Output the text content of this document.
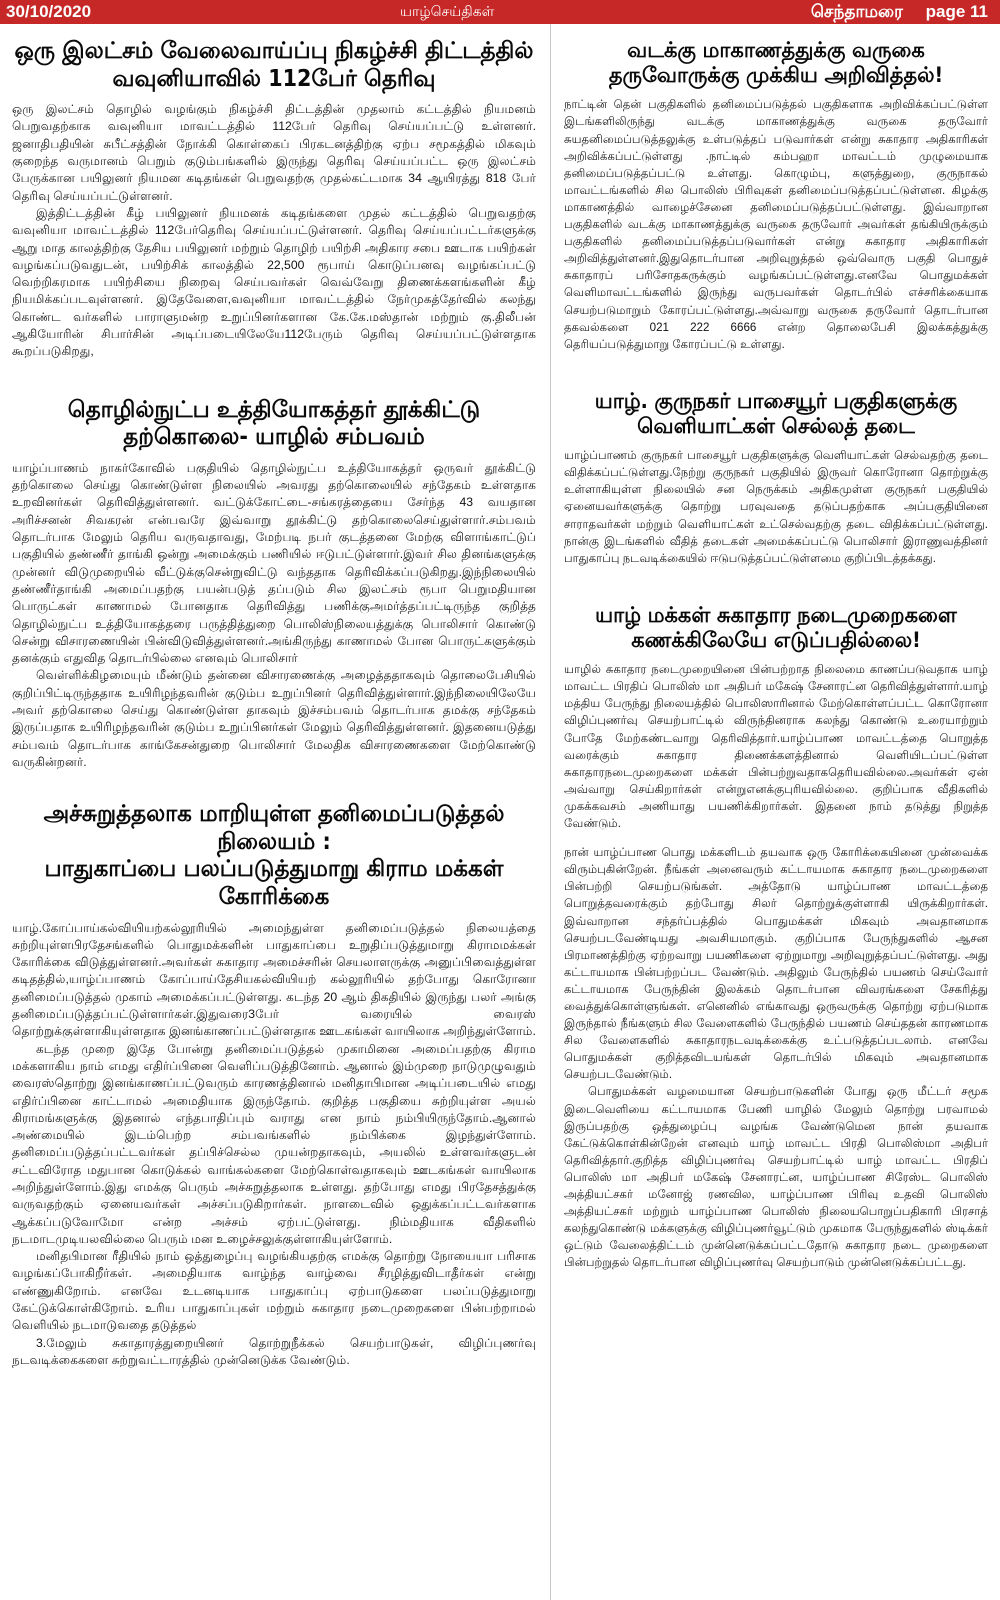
30/10/2020	யாழ்செய்திகள்	செந்தாமரை page 11
ஒரு இலட்சம் வேலைவாய்ப்பு நிகழ்ச்சி திட்டத்தில்
வவுனியாவில் 112பேர் தெரிவு

ஒரு இலட்சம் தொழில் வழங்கும் நிகழ்ச்சி திட்டத்தின் முதலாம் கட்டத்தில் நியமனம் பெறுவதற்காக வவுனியா மாவட்டத்தில் 112பேர் தெரிவு செய்யப்பட்டு உள்ளனர். ஜனாதிபதியின் சுபீட்சத்தின் நோக்கி கொள்கைப் பிரகடனத்திற்கு ஏற்ப சமூகத்தில் மிகவும் குறைந்த வருமானம் பெறும் குடும்பங்களில் இருந்து தெரிவு செய்யப்பட்ட ஒரு இலட்சம் பேருக்கான பயிலுனர் நியமன கடிதங்கள் பெறுவதற்கு முதல்கட்டமாக 34 ஆயிரத்து 818 பேர் தெரிவு செய்யப்பட்டுள்ளனர்.

இத்திட்டத்தின் கீழ் பயிலுனர் நியமனக் கடிதங்களை முதல் கட்டத்தில் பெறுவதற்கு வவுனியா மாவட்டத்தில் 112பேர்தெரிவு செய்யப்பட்டுள்ளனர். தெரிவு செய்யப்பட்டர்களுக்கு ஆறு மாத காலத்திற்கு தேசிய பயிலுனர் மற்றும் தொழிற் பயிற்சி அதிகார சபை ஊடாக பயிற்கள் வழங்கப்படுவதுடன், பயிற்சிக் காலத்தில் 22,500 ரூபாய் கொடுப்பனவு வழங்கப்பட்டு வெற்றிகரமாக பயிற்சியை நிறைவு செய்பவர்கள் வெவ்வேறு திணைக்களங்களின் கீழ் நியமிக்கப்படவுள்ளனர். இதேவேளை,வவுனியா மாவட்டத்தில் நேர்முகத்தேர்வில் கலந்து கொண்ட வர்களில் பாராளுமன்ற உறுப்பினர்களான கே.கே.மஸ்தான் மற்றும் கு.திலீபன் ஆகியோரின் சிபார்சின் அடிப்படையிலேயே112பேரும் தெரிவு செய்யப்பட்டுள்ளதாக கூறப்படுகிறது,

தொழில்நுட்ப உத்தியோகத்தர் தூக்கிட்டு
தற்கொலை- யாழில் சம்பவம்

யாழ்ப்பாணம் நாகர்கோவில் பகுதியில் தொழில்நுட்ப உத்தியோகத்தர் ஒருவர் தூக்கிட்டு தற்கொலை செய்து கொண்டுள்ள நிலையில் அவரது தற்கொலையில் சந்தேகம் உள்ளதாக உறவினர்கள் தெரிவித்துள்ளனர். வட்டுக்கோட்டை-சங்கரத்தையை சேர்ந்த 43 வயதான அரிச்சனன் சிவகரன் என்பவரே இவ்வாறு தூக்கிட்டு தற்கொலைசெய்துள்ளார்.சம்பவம் தொடர்பாக மேலும் தெரிய வருவதாவது, மேற்படி நபர் குடத்தனை மேற்கு விளாங்காட்டுப் பகுதியில் தண்ணீர் தாங்கி ஒன்று அமைக்கும் பணியில் ஈடுபட்டுள்ளார்.இவர் சில தினங்களுக்கு முன்னர் விடுமுறையில் வீட்டுக்குசென்றுவிட்டு வந்ததாக தெரிவிக்கப்படுகிறது.இந்நிலையில் தண்ணீர்தாங்கி அமைப்பதற்கு பயன்படுத் தப்படும் சில இலட்சம் ரூபா பெறுமதியான பொருட்கள் காணாமல் போனதாக தெரிவித்து பணிக்குஅமர்த்தப்பட்டிருந்த குறித்த தொழில்நுட்ப உத்தியோகத்தரை பருத்தித்துறை பொலிஸ்நிலையத்துக்கு பொலிசார் கொண்டு சென்று விசாரணையின் பின்விடுவித்துள்ளனர்.அங்கிருந்து காணாமல் போன பொருட்களுக்கும் தனக்கும் எதுவித தொடர்பில்லை எனவும் பொலிசார்

வெள்ளிக்கிழமையும் மீண்டும் தன்னை விசாரணைக்கு அழைத்ததாகவும் தொலைபேசியில் குறிப்பிட்டிருந்ததாக உயிரிழந்தவரின் குடும்ப உறுப்பினர் தெரிவித்துள்ளார்.இந்நிலையிலேயே அவர் தற்கொலை செய்து கொண்டுள்ள தாகவும் இச்சம்பவம் தொடர்பாக தமக்கு சந்தேகம் இருப்பதாக உயிரிழந்தவரின் குடும்ப உறுப்பினர்கள் மேலும் தெரிவித்துள்ளனர். இதனையடுத்து சம்பவம் தொடர்பாக காங்கேசன்துறை பொலிசார் மேலதிக விசாரணைகளை மேற்கொண்டு வருகின்றனர்.

அச்சுறுத்தலாக மாறியுள்ள தனிமைப்படுத்தல் நிலையம் :
பாதுகாப்பை பலப்படுத்துமாறு கிராம மக்கள் கோரிக்கை

யாழ்.கோப்பாய்கல்வியியற்கல்லூரியில் அமைந்துள்ள தனிமைப்படுத்தல் நிலையத்தை சுற்றியுள்ளபிரதேசங்களில் பொதுமக்களின் பாதுகாப்பை உறுதிப்படுத்துமாறு கிராமமக்கள் கோரிக்கை விடுத்துள்ளனர்.அவர்கள் சுகாதார அமைச்சரின் செயலாளருக்கு அனுப்பிவைத்துள்ள கடிதத்தில்,யாழ்ப்பாணம் கோப்பாய்தேசியகல்வியியற் கல்லூரியில் தற்போது கொரோனா தனிமைப்படுத்தல் முகாம் அமைக்கப்பட்டுள்ளது. கடந்த 20 ஆம் திகதியில் இருந்து பலர் அங்கு தனிமைப்படுத்தப்பட்டுள்ளார்கள்.இதுவரை3பேர் வரையில் வைரஸ் தொற்றுக்குள்ளாகியுள்ளதாக இனங்காணப்பட்டுள்ளதாக ஊடகங்கள் வாயிலாக அறிந்துள்ளோம்.

கடந்த முறை இதே போன்று தனிமைப்படுத்தல் முகாமினை அமைப்பதற்கு கிராம மக்களாகிய நாம் எமது எதிர்ப்பினை வெளிப்படுத்தினோம். ஆனால் இம்முறை நாடுமுழுவதும் வைரஸ்தொற்று இனங்காணப்பட்டுவரும் காரணத்தினால் மனிதாபிமான அடிப்படையில் எமது எதிர்ப்பினை காட்டாமல் அமைதியாக இருந்தோம். குறித்த பகுதியை சுற்றியுள்ள அயல் கிராமங்களுக்கு இதனால் எந்தபாதிப்பும் வராது என நாம் நம்பியிருந்தோம்.ஆனால் அண்மையில் இடம்பெற்ற சம்பவங்களில் நம்பிக்கை இழந்துள்ளோம். தனிமைப்படுத்தப்பட்டவர்கள் தப்பிச்செல்ல முயன்றதாகவும், அயலில் உள்ளவர்களுடன் சட்டவிரோத மதுபான கொடுக்கல் வாங்கல்களை மேற்கொள்வதாகவும் ஊடகங்கள் வாயிலாக அறிந்துள்ளோம்.இது எமக்கு பெரும் அச்சுறுத்தலாக உள்ளது. தற்போது எமது பிரதேசத்துக்கு வருவதற்கும் ஏனையவர்கள் அச்சப்படுகிறார்கள். நாளடைவில் ஒதுக்கப்பட்டவர்களாக ஆக்கப்படுவோமோ என்ற அச்சம் ஏற்பட்டுள்ளது. நிம்மதியாக வீதிகளில் நடமாடமுடியலவில்லை பெரும் மன உழைச்சலுக்குள்ளாகியுள்ளோம்.

மனிதபிமான ரீதியில் நாம் ஒத்துழைப்பு வழங்கியதற்கு எமக்கு தொற்று நோயையா பரிசாக வழங்கப்போகிறீர்கள். அமைதியாக வாழ்ந்த வாழ்வை சீரழித்துவிடாதீர்கள் என்று எண்ணுகிறோம். எனவே உடனடியாக பாதுகாப்பு ஏற்பாடுகளை பலப்படுத்துமாறு கேட்டுக்கொள்கிறோம். உரிய பாதுகாப்புகள் மற்றும் சுகாதார நடைமுறைகளை பின்பற்றாமல் வெளியில் நடமாடுவதை தடுத்தல்

3.மேலும் சுகாதாரத்துறையினர் தொற்றுநீக்கல் செயற்பாடுகள், விழிப்புணர்வு நடவடிக்கைகளை சுற்றுவட்டாரத்தில் முன்னெடுக்க வேண்டும்.

வடக்கு மாகாணத்துக்கு வருகை
தருவோருக்கு முக்கிய அறிவித்தல்!

நாட்டின் தென் பகுதிகளில் தனிமைப்படுத்தல் பகுதிகளாக அறிவிக்கப்பட்டுள்ள இடங்களிலிருந்து வடக்கு மாகாணத்துக்கு வருகை தருவோர் சுயதனிமைப்படுத்தலுக்கு உள்படுத்தப் படுவார்கள் என்று சுகாதார அதிகாரிகள் அறிவிக்கப்பட்டுள்ளது .நாட்டில் கம்பஹா மாவட்டம் முழுமையாக தனிமைப்படுத்தப்பட்டு உள்ளது. கொழும்பு, களுத்துறை, குருநாகல் மாவட்டங்களில் சில பொலிஸ் பிரிவுகள் தனிமைப்படுத்தப்பட்டுள்ளன. கிழக்கு மாகாணத்தில் வாழைச்சேனை தனிமைப்படுத்தப்பட்டுள்ளது. இவ்வாறான பகுதிகளில் வடக்கு மாகாணத்துக்கு வருகை தருவோர் அவர்கள் தங்கியிருக்கும் பகுதிகளில் தனிமைப்படுத்தப்படுவார்கள் என்று சுகாதார அதிகாரிகள் அறிவித்துள்ளனர்.இதுதொடர்பான அறிவுறுத்தல் ஒவ்வொரு பகுதி பொதுச் சுகாதாரப் பரிசோதகருக்கும் வழங்கப்பட்டுள்ளது.எனவே பொதுமக்கள் வெளிமாவட்டங்களில் இருந்து வருபவர்கள் தொடர்பில் எச்சரிக்கையாக செயற்படுமாறும் கோரப்பட்டுள்ளது.அவ்வாறு வருகை தருவோர் தொடர்பான தகவல்களை 021 222 6666 என்ற தொலைபேசி இலக்கத்துக்கு தெரியப்படுத்துமாறு கோரப்பட்டு உள்ளது.

யாழ். குருநகர் பாசையூர் பகுதிகளுக்கு
வெளியாட்கள் செல்லத் தடை

யாழ்ப்பாணம் குருநகர் பாசையூர் பகுதிகளுக்கு வெளியாட்கள் செல்வதற்கு தடை விதிக்கப்பட்டுள்ளது.நேற்று குருநகர் பகுதியில் இருவர் கொரோனா தொற்றுக்கு உள்ளாகியுள்ள நிலையில் சன நெருக்கம் அதிகமுள்ள குருநகர் பகுதியில் ஏனையவர்களுக்கு தொற்று பரவுவதை தடுப்பதற்காக அப்பகுதியினை சாராதவர்கள் மற்றும் வெளியாட்கள் உட்செல்வதற்கு தடை விதிக்கப்பட்டுள்ளது. நான்கு இடங்களில் வீதித் தடைகள் அமைக்கப்பட்டு பொலிசார் இராணுவத்தினர் பாதுகாப்பு நடவடிக்கையில் ஈடுபடுத்தப்பட்டுள்ளமை குறிப்பிடத்தக்கது.

யாழ் மக்கள் சுகாதார நடைமுறைகளை
கணக்கிலேயே எடுப்பதில்லை!

யாழில் சுகாதார நடைமுறையினை பின்பற்றாத நிலைமை காணப்படுவதாக யாழ் மாவட்ட பிரதிப் பொலிஸ் மா அதிபர் மகேஷ் சேனாரட்ன தெரிவித்துள்ளார்.யாழ் மத்திய பேருந்து நிலையத்தில் பொலிஸாரினால் மேற்கொள்ளப்பட்ட கொரோனா விழிப்புணர்வு செயற்பாட்டில் விருந்தினராக கலந்து கொண்டு உரையாற்றும் போதே மேற்கண்டவாறு தெரிவித்தார்.யாழ்ப்பாண மாவட்டத்தை பொறுத்த வரைக்கும் சுகாதார திணைக்களத்தினால் வெளியிடப்பட்டுள்ள சுகாதாரநடைமுறைகளை மக்கள் பின்பற்றுவதாகதெரியவில்லை.அவர்கள் ஏன் அவ்வாறு செய்கிறார்கள் என்றுஎனக்குபுரியவில்லை. குறிப்பாக வீதிகளில் முகக்கவசம் அணியாது பயணிக்கிறார்கள். இதனை நாம் தடுத்து நிறுத்த வேண்டும்.

நான் யாழ்ப்பாண பொது மக்களிடம் தயவாக ஒரு கோரிக்கையினை முன்வைக்க விரும்புகின்றேன். நீங்கள் அனைவரும் கட்டாயமாக சுகாதார நடைமுறைகளை பின்பற்றி செயற்படுங்கள். அத்தோடு யாழ்ப்பாண மாவட்டத்தை பொறுத்தவரைக்கும் தற்போது சிலர் தொற்றுக்குள்ளாகி யிருக்கிறார்கள். இவ்வாறான சந்தர்ப்பத்தில் பொதுமக்கள் மிகவும் அவதானமாக செயற்படவேண்டியது அவசியமாகும். குறிப்பாக பேருந்துகளில் ஆசன பிரமாணத்திற்கு ஏற்றவாறு பயணிகளை ஏற்றுமாறு அறிவுறுத்தப்பட்டுள்ளது. அது கட்டாயமாக பின்பற்றப்பட வேண்டும். அதிலும் பேருந்தில் பயணம் செய்வோர் கட்டாயமாக பேருந்தின் இலக்கம் தொடர்பான விவரங்களை சேகரித்து வைத்துக்கொள்ளுங்கள். எனெனில் எங்காவது ஒருவருக்கு தொற்று ஏற்படுமாக இருந்தால் நீங்களும் சில வேளைகளில் பேருந்தில் பயணம் செய்ததன் காரணமாக சில வேளைகளில் சுகாதாரநடவடிக்கைக்கு உட்படுத்தப்படலாம். எனவே பொதுமக்கள் குறித்தவிடயங்கள் தொடர்பில் மிகவும் அவதானமாக செயற்படவேண்டும்.

பொதுமக்கள் வழமையான செயற்பாடுகளின் போது ஒரு மீட்டர் சமூக இடைவெளியை கட்டாயமாக பேணி யாழில் மேலும் தொற்று பரவாமல் இருப்பதற்கு ஒத்துழைப்பு வழங்க வேண்டுமென நான் தயவாக கேட்டுக்கொள்கின்றேன் எனவும் யாழ் மாவட்ட பிரதி பொலிஸ்மா அதிபர் தெரிவித்தார்.குறித்த விழிப்புணர்வு செயற்பாட்டில் யாழ் மாவட்ட பிரதிப் பொலிஸ் மா அதிபர் மகேஷ் சேனாரட்ன, யாழ்ப்பாண சிரேஸ்ட பொலிஸ் அத்தியட்சகர் மனோஜ் ரணவில, யாழ்ப்பாண பிரிவு உதவி பொலிஸ் அத்தியட்சகர் மற்றும் யாழ்ப்பாண பொலிஸ் நிலையபொறுப்பதிகாரி பிரசாத் கலந்துகொண்டு மக்களுக்கு விழிப்புணர்வூட்டும் முகமாக பேருந்துகளில் ஸ்டிக்கர் ஒட்டும் வேலைத்திட்டம் முன்னெடுக்கப்பட்டதோடு சுகாதார நடை முறைகளை பின்பற்றுதல் தொடர்பான விழிப்புணர்வு செயற்பாடும் முன்னெடுக்கப்பட்டது.
